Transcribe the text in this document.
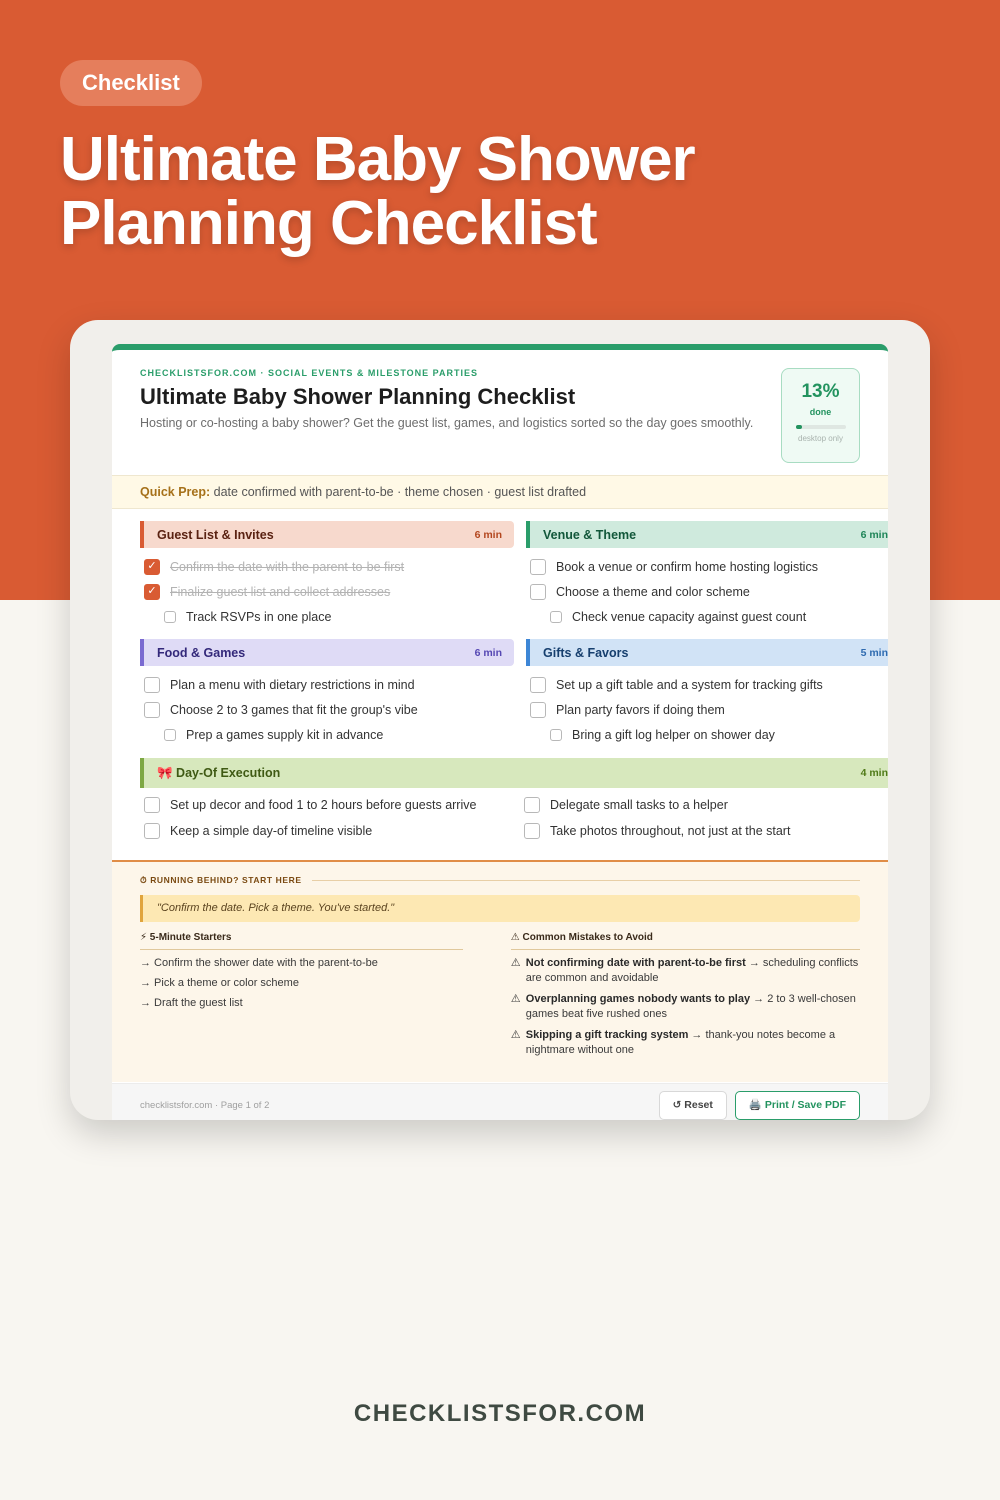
Checklist
Ultimate Baby Shower Planning Checklist
CHECKLISTSFOR.COM · SOCIAL EVENTS & MILESTONE PARTIES
Ultimate Baby Shower Planning Checklist
Hosting or co-hosting a baby shower? Get the guest list, games, and logistics sorted so the day goes smoothly.
13%
done
desktop only
Quick Prep: date confirmed with parent-to-be · theme chosen · guest list drafted
🎀 Day-Of Execution	4 min
Set up decor and food 1 to 2 hours before guests arrive
Keep a simple day-of timeline visible
Delegate small tasks to a helper
Take photos throughout, not just at the start
Guest List & Invites	6 min
✓ Confirm the date with the parent-to-be first
✓ Finalize guest list and collect addresses
Track RSVPs in one place
Venue & Theme	6 min
Book a venue or confirm home hosting logistics
Choose a theme and color scheme
Check venue capacity against guest count
Food & Games	6 min
Plan a menu with dietary restrictions in mind
Choose 2 to 3 games that fit the group's vibe
Prep a games supply kit in advance
Gifts & Favors	5 min
Set up a gift table and a system for tracking gifts
Plan party favors if doing them
Bring a gift log helper on shower day
⏱ RUNNING BEHIND? START HERE
"Confirm the date. Pick a theme. You've started."
⚡ 5-Minute Starters
→ Confirm the shower date with the parent-to-be
→ Pick a theme or color scheme
→ Draft the guest list
⚠ Common Mistakes to Avoid
⚠ Not confirming date with parent-to-be first → scheduling conflicts are common and avoidable
⚠ Overplanning games nobody wants to play → 2 to 3 well-chosen games beat five rushed ones
⚠ Skipping a gift tracking system → thank-you notes become a nightmare without one
checklistsfor.com · Page 1 of 2	↺ Reset	🖨️ Print / Save PDF
CHECKLISTSFOR.COM
